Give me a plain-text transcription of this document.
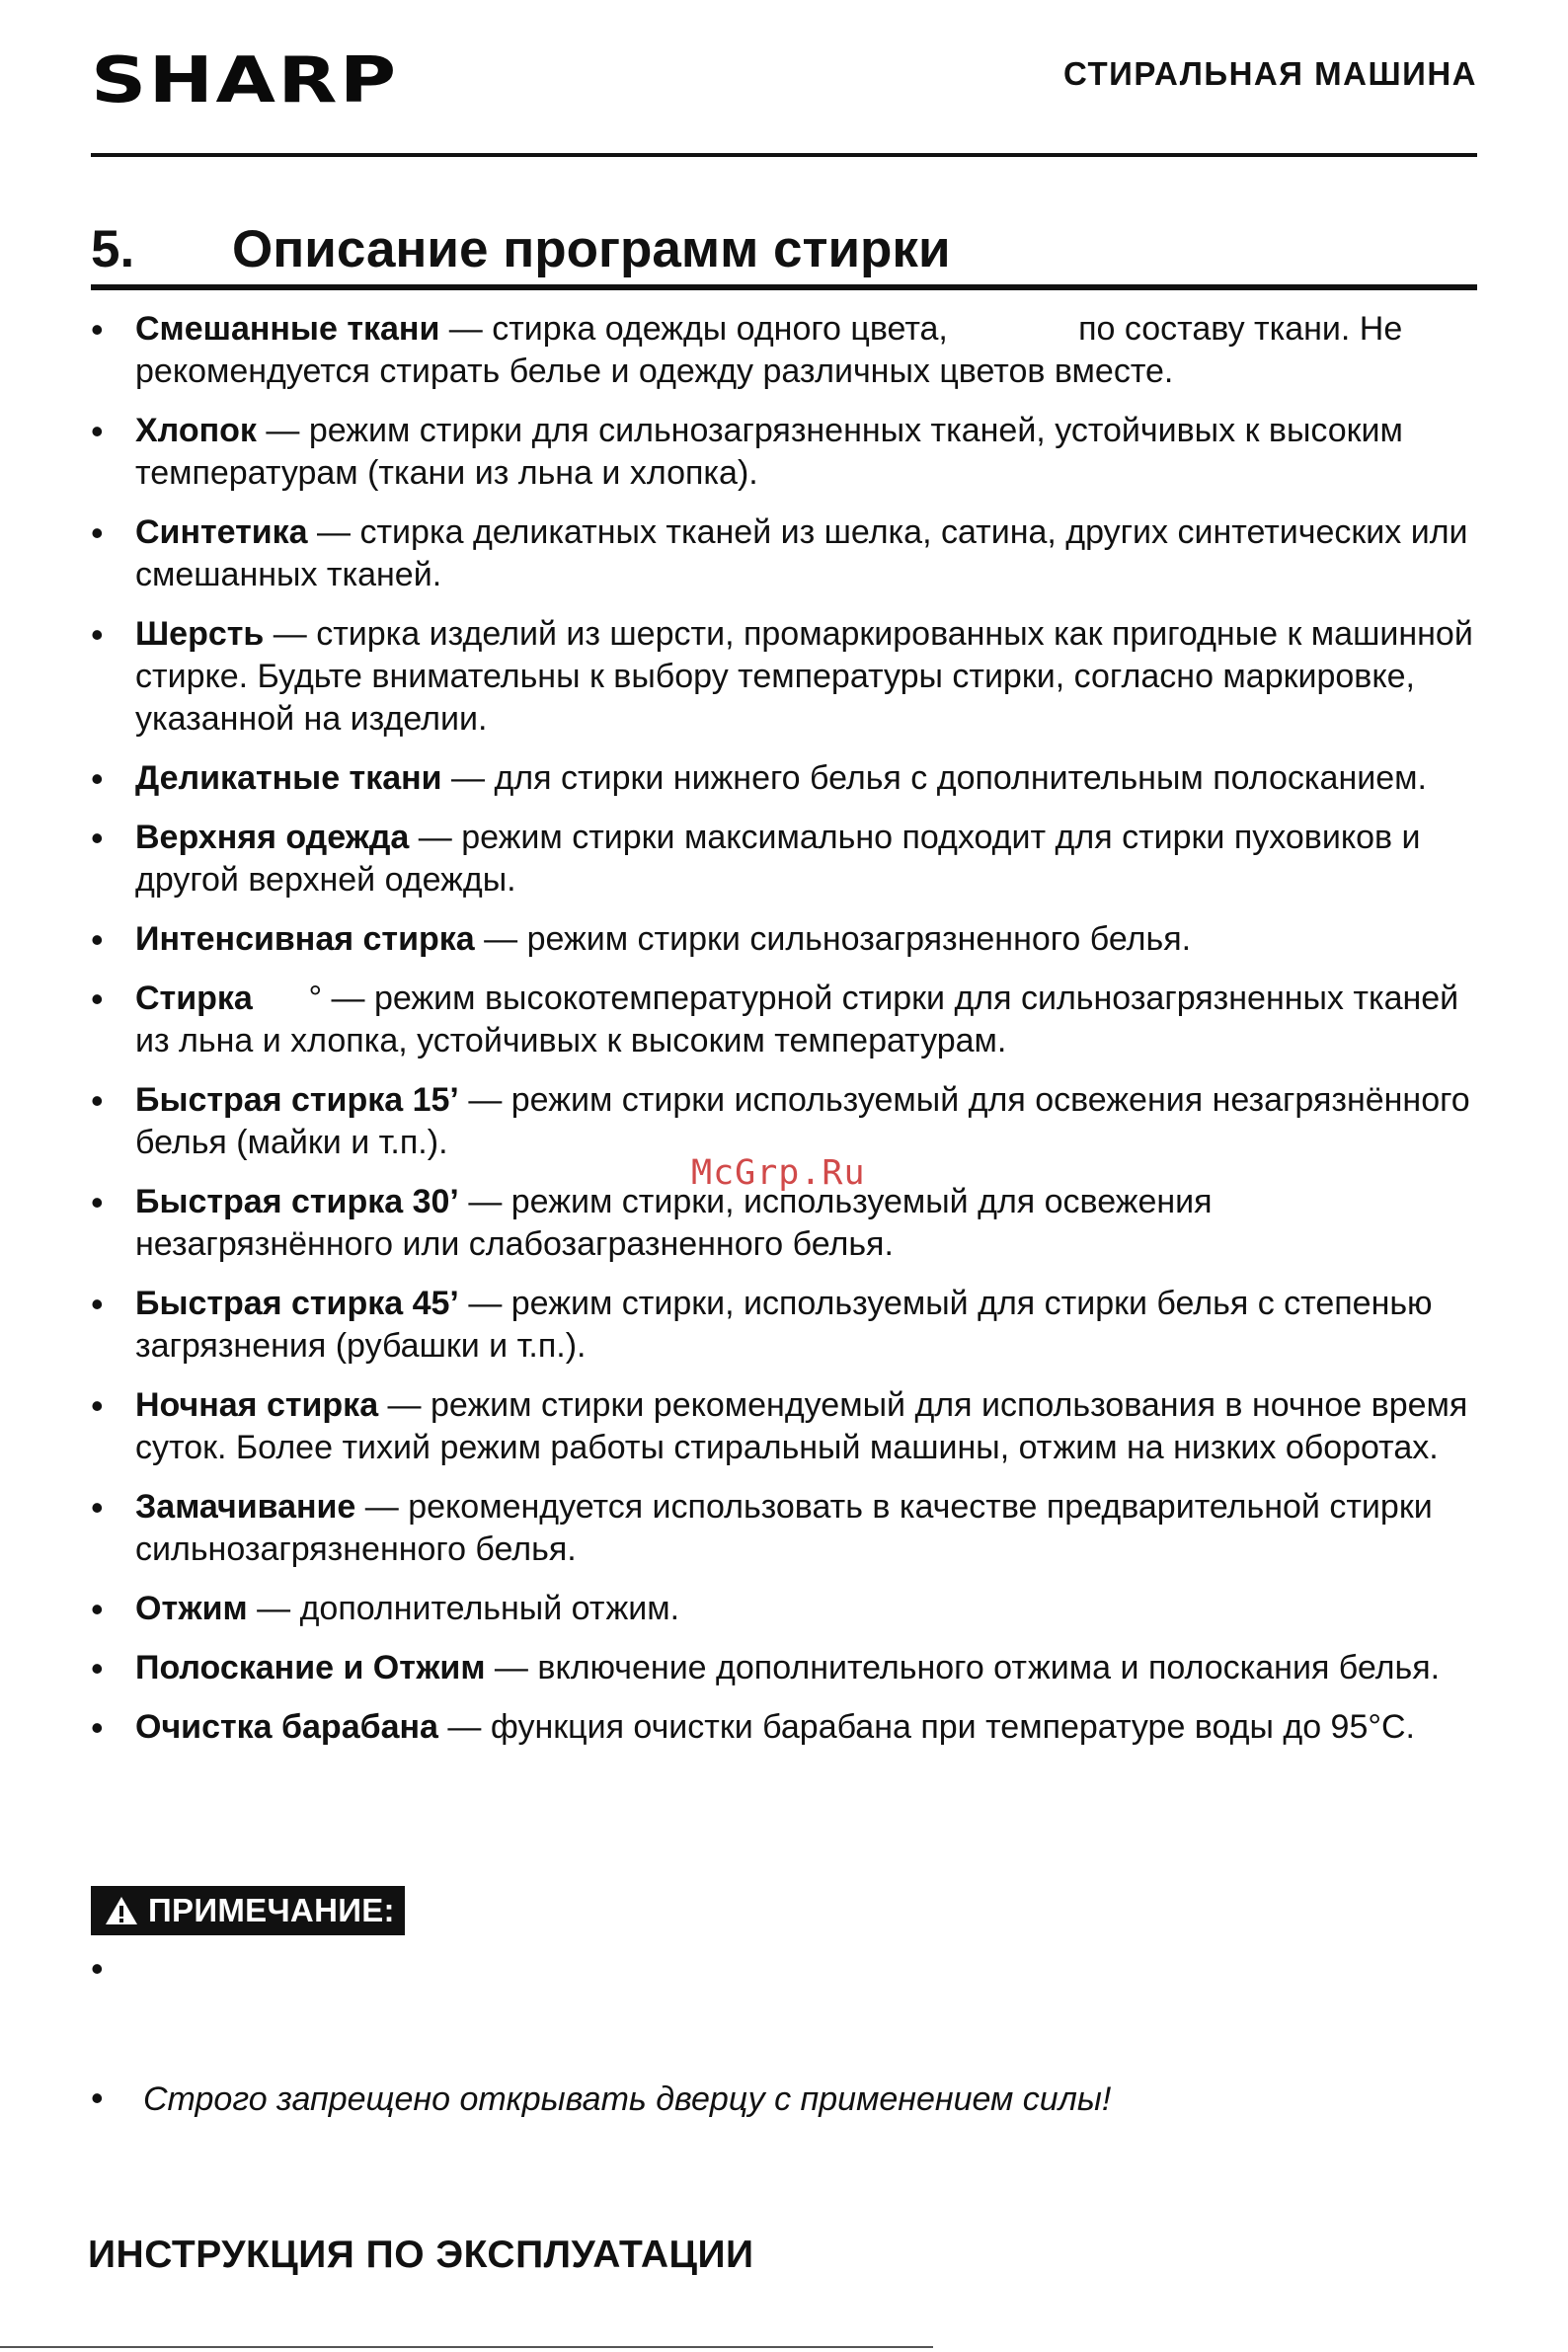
SHARP	СТИРАЛЬНАЯ МАШИНА
5. Описание программ стирки
• Смешанные ткани — стирка одежды одного цвета,              по составу ткани. Не рекомендуется стирать белье и одежду различных цветов вместе.
• Хлопок — режим стирки для сильнозагрязненных тканей, устойчивых к высоким температурам (ткани из льна и хлопка).
• Синтетика — стирка деликатных тканей из шелка, сатина, других синтетических или смешанных тканей.
• Шерсть — стирка изделий из шерсти, промаркированных как пригодные к машинной стирке. Будьте внимательны к выбору температуры стирки, согласно маркировке, указанной на изделии.
• Деликатные ткани — для стирки нижнего белья с дополнительным полосканием.
• Верхняя одежда — режим стирки максимально подходит для стирки пуховиков и другой верхней одежды.
• Интенсивная стирка — режим стирки сильнозагрязненного белья.
• Стирка      ° — режим высокотемпературной стирки для сильнозагрязненных тканей из льна и хлопка, устойчивых к высоким температурам.
• Быстрая стирка 15’ — режим стирки используемый для освежения незагрязнённого белья (майки и т.п.).
• Быстрая стирка 30’ — режим стирки, используемый для освежения незагрязнённого или слабозагразненного белья.
• Быстрая стирка 45’ — режим стирки, используемый для стирки белья с степенью загрязнения (рубашки и т.п.).
• Ночная стирка — режим стирки рекомендуемый для использования в ночное время суток. Более тихий режим работы стиральный машины, отжим на низких оборотах.
• Замачивание — рекомендуется использовать в качестве предварительной стирки сильнозагрязненного белья.
• Отжим — дополнительный отжим.
• Полоскание и Отжим — включение дополнительного отжима и полоскания белья.
• Очистка барабана — функция очистки барабана при температуре воды до 95°C.
McGrp.Ru
ПРИМЕЧАНИЕ:
•
• Строго запрещено открывать дверцу с применением силы!
ИНСТРУКЦИЯ ПО ЭКСПЛУАТАЦИИ
